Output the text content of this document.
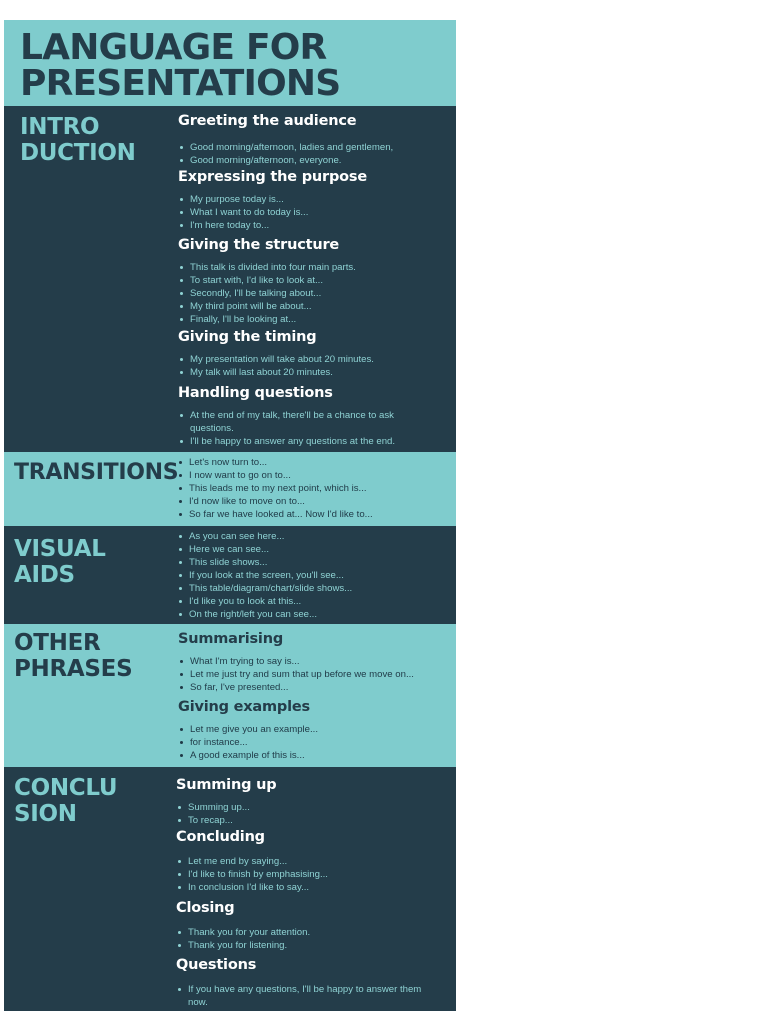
LANGUAGE FOR
PRESENTATIONS
INTRO
DUCTION
Greeting the audience
Good morning/afternoon, ladies and gentlemen,
Good morning/afternoon, everyone.
Expressing the purpose
My purpose today is...
What I want to do today is...
I'm here today to...
Giving the structure
This talk is divided into four main parts.
To start with, I'd like to look at...
Secondly, I'll be talking about...
My third point will be about...
Finally, I'll be looking at...
Giving the timing
My presentation will take about 20 minutes.
My talk will last about 20 minutes.
Handling questions
At the end of my talk, there'll be a chance to ask questions.
I'll be happy to answer any questions at the end.
TRANSITIONS	Let's now turn to...
I now want to go on to...
This leads me to my next point, which is...
I'd now like to move on to...
So far we have looked at... Now I'd like to...
VISUAL
AIDS
As you can see here...
Here we can see...
This slide shows...
If you look at the screen, you'll see...
This table/diagram/chart/slide shows...
I'd like you to look at this...
On the right/left you can see...
OTHER
PHRASES
Summarising
What I'm trying to say is...
Let me just try and sum that up before we move on...
So far, I've presented...
Giving examples
Let me give you an example...
for instance...
A good example of this is...
CONCLU
SION
Summing up
Summing up...
To recap...
Concluding
Let me end by saying...
I'd like to finish by emphasising...
In conclusion I'd like to say...
Closing
Thank you for your attention.
Thank you for listening.
Questions
If you have any questions, I'll be happy to answer them now.
